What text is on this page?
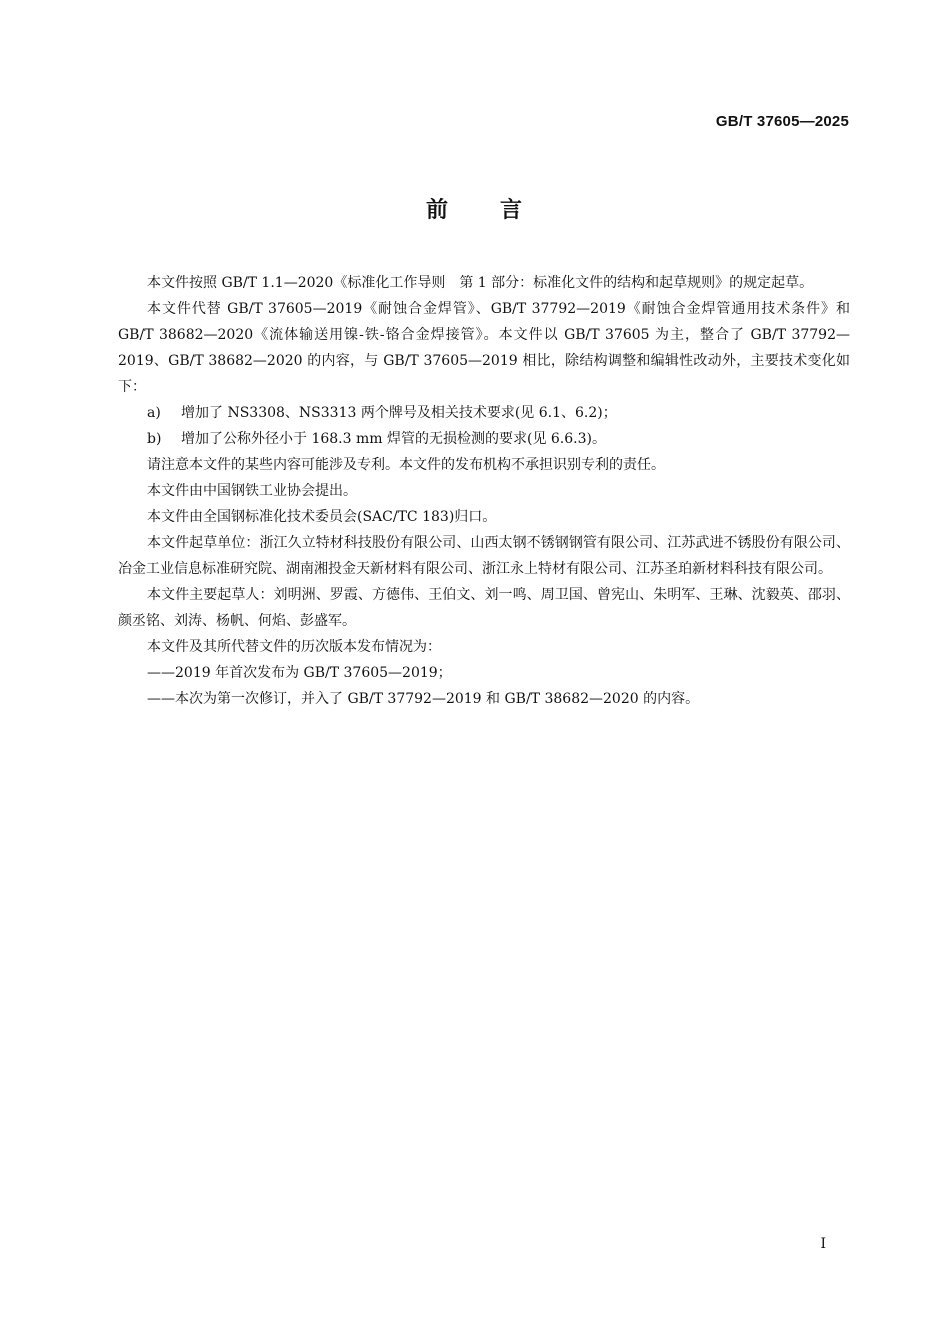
GB/T 37605—2025
前 言

本文件按照 GB/T 1.1—2020《标准化工作导则　第 1 部分：标准化文件的结构和起草规则》的规定起草。

本文件代替 GB/T 37605—2019《耐蚀合金焊管》、GB/T 37792—2019《耐蚀合金焊管通用技术条件》和 GB/T 38682—2020《流体输送用镍-铁-铬合金焊接管》。本文件以 GB/T 37605 为主，整合了 GB/T 37792—2019、GB/T 38682—2020 的内容，与 GB/T 37605—2019 相比，除结构调整和编辑性改动外，主要技术变化如下：

a) 增加了 NS3308、NS3313 两个牌号及相关技术要求(见 6.1、6.2)；

b) 增加了公称外径小于 168.3 mm 焊管的无损检测的要求(见 6.6.3)。

请注意本文件的某些内容可能涉及专利。本文件的发布机构不承担识别专利的责任。

本文件由中国钢铁工业协会提出。

本文件由全国钢标准化技术委员会(SAC/TC 183)归口。

本文件起草单位：浙江久立特材科技股份有限公司、山西太钢不锈钢钢管有限公司、江苏武进不锈股份有限公司、冶金工业信息标准研究院、湖南湘投金天新材料有限公司、浙江永上特材有限公司、江苏圣珀新材料科技有限公司。

本文件主要起草人：刘明洲、罗霞、方德伟、王伯文、刘一鸣、周卫国、曾宪山、朱明军、王琳、沈毅英、邵羽、颜丞铭、刘涛、杨帆、何焰、彭盛军。

本文件及其所代替文件的历次版本发布情况为：

——2019 年首次发布为 GB/T 37605—2019；

——本次为第一次修订，并入了 GB/T 37792—2019 和 GB/T 38682—2020 的内容。

I
